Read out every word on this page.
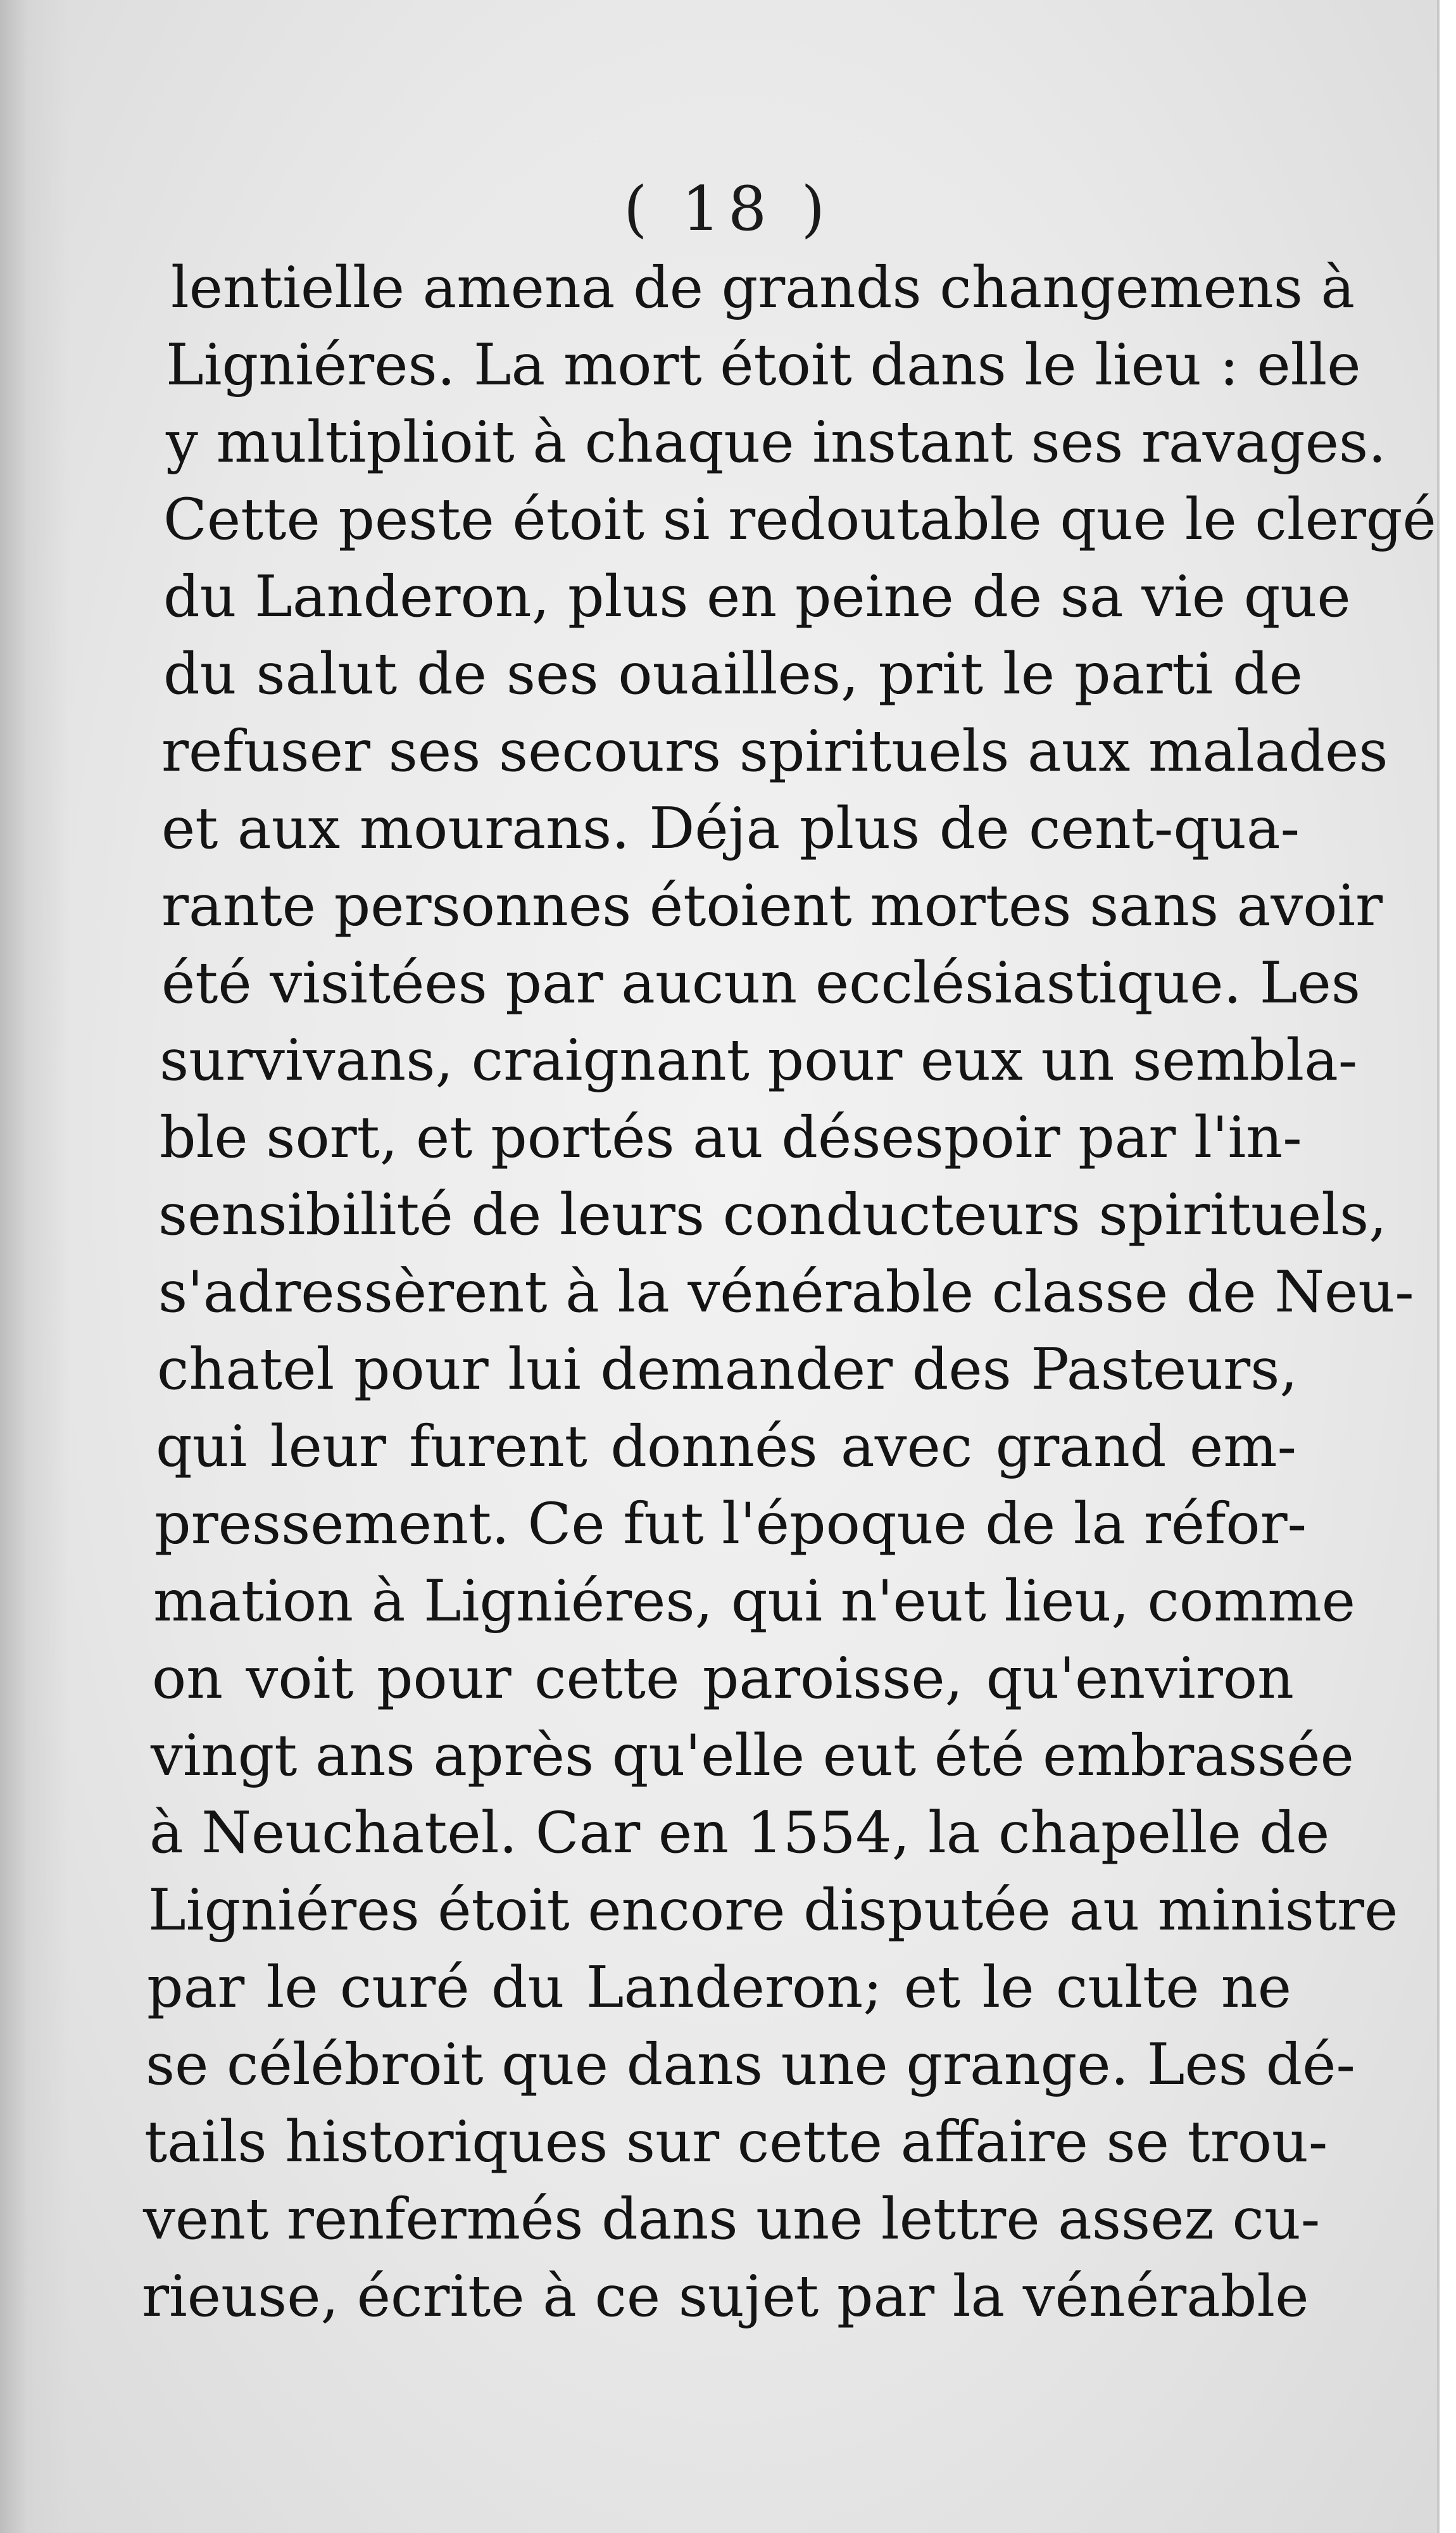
( 18 )
lentielle amena de grands changemens à
Ligniéres. La mort étoit dans le lieu : elle
y multiplioit à chaque instant ses ravages.
Cette peste étoit si redoutable que le clergé
du Landeron, plus en peine de sa vie que
du salut de ses ouailles, prit le parti de
refuser ses secours spirituels aux malades
et aux mourans. Déja plus de cent-qua-
rante personnes étoient mortes sans avoir
été visitées par aucun ecclésiastique. Les
survivans, craignant pour eux un sembla-
ble sort, et portés au désespoir par l'in-
sensibilité de leurs conducteurs spirituels,
s'adressèrent à la vénérable classe de Neu-
chatel pour lui demander des Pasteurs,
qui leur furent donnés avec grand em-
pressement. Ce fut l'époque de la réfor-
mation à Ligniéres, qui n'eut lieu, comme
on voit pour cette paroisse, qu'environ
vingt ans après qu'elle eut été embrassée
à Neuchatel. Car en 1554, la chapelle de
Ligniéres étoit encore disputée au ministre
par le curé du Landeron; et le culte ne
se célébroit que dans une grange. Les dé-
tails historiques sur cette affaire se trou-
vent renfermés dans une lettre assez cu-
rieuse, écrite à ce sujet par la vénérable
